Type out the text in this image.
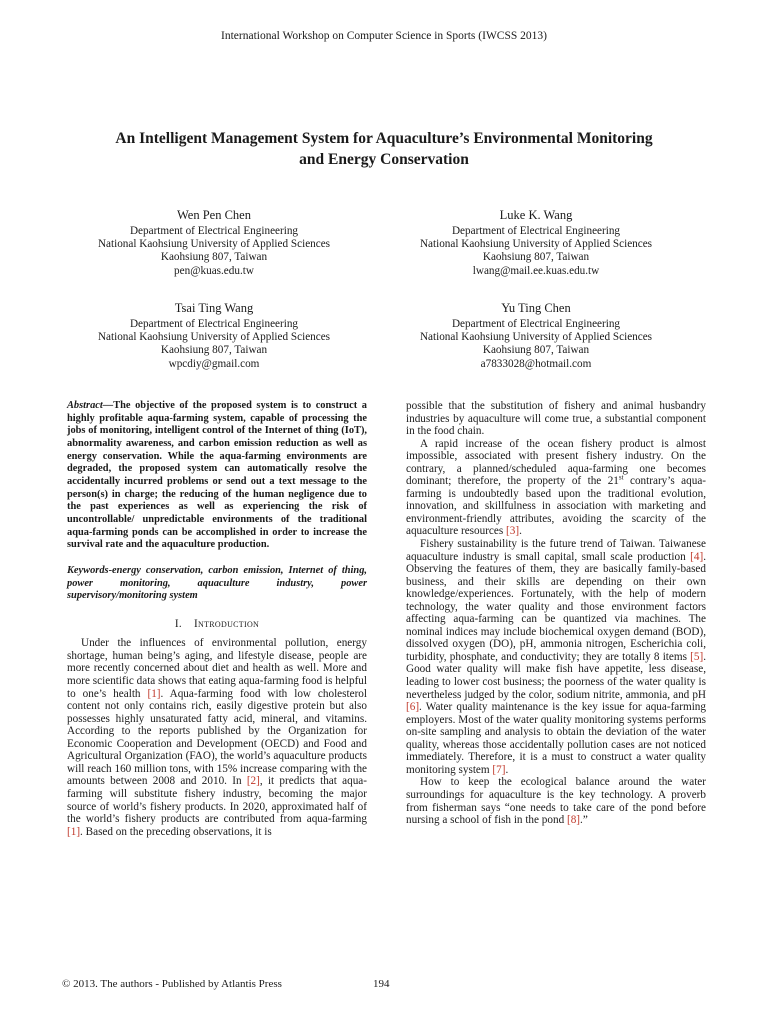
International Workshop on Computer Science in Sports (IWCSS 2013)
An Intelligent Management System for Aquaculture’s Environmental Monitoring
and Energy Conservation
Wen Pen Chen
Department of Electrical Engineering
National Kaohsiung University of Applied Sciences
Kaohsiung 807, Taiwan
pen@kuas.edu.tw
Luke K. Wang
Department of Electrical Engineering
National Kaohsiung University of Applied Sciences
Kaohsiung 807, Taiwan
lwang@mail.ee.kuas.edu.tw
Tsai Ting Wang
Department of Electrical Engineering
National Kaohsiung University of Applied Sciences
Kaohsiung 807, Taiwan
wpcdiy@gmail.com
Yu Ting Chen
Department of Electrical Engineering
National Kaohsiung University of Applied Sciences
Kaohsiung 807, Taiwan
a7833028@hotmail.com

Abstract—The objective of the proposed system is to construct a highly profitable aqua-farming system, capable of processing the jobs of monitoring, intelligent control of the Internet of thing (IoT), abnormality awareness, and carbon emission reduction as well as energy conservation. While the aqua-farming environments are degraded, the proposed system can automatically resolve the accidentally incurred problems or send out a text message to the person(s) in charge; the reducing of the human negligence due to the past experiences as well as experiencing the risk of uncontrollable/ unpredictable environments of the traditional aqua-farming ponds can be accomplished in order to increase the survival rate and the aquaculture production.

Keywords-energy conservation, carbon emission, Internet of thing, power monitoring, aquaculture industry, power supervisory/monitoring system

I. Introduction

Under the influences of environmental pollution, energy shortage, human being’s aging, and lifestyle disease, people are more recently concerned about diet and health as well. More and more scientific data shows that eating aqua-farming food is helpful to one’s health [1]. Aqua-farming food with low cholesterol content not only contains rich, easily digestive protein but also possesses highly unsaturated fatty acid, mineral, and vitamins. According to the reports published by the Organization for Economic Cooperation and Development (OECD) and Food and Agricultural Organization (FAO), the world’s aquaculture products will reach 160 million tons, with 15% increase comparing with the amounts between 2008 and 2010. In [2], it predicts that aqua-farming will substitute fishery industry, becoming the major source of world’s fishery products. In 2020, approximated half of the world’s fishery products are contributed from aqua-farming [1]. Based on the preceding observations, it is

possible that the substitution of fishery and animal husbandry industries by aquaculture will come true, a substantial component in the food chain.

A rapid increase of the ocean fishery product is almost impossible, associated with present fishery industry. On the contrary, a planned/scheduled aqua-farming one becomes dominant; therefore, the property of the 21st contrary’s aqua-farming is undoubtedly based upon the traditional evolution, innovation, and skillfulness in association with marketing and environment-friendly attributes, avoiding the scarcity of the aquaculture resources [3].

Fishery sustainability is the future trend of Taiwan. Taiwanese aquaculture industry is small capital, small scale production [4]. Observing the features of them, they are basically family-based business, and their skills are depending on their own knowledge/experiences. Fortunately, with the help of modern technology, the water quality and those environment factors affecting aqua-farming can be quantized via machines. The nominal indices may include biochemical oxygen demand (BOD), dissolved oxygen (DO), pH, ammonia nitrogen, Escherichia coli, turbidity, phosphate, and conductivity; they are totally 8 items [5]. Good water quality will make fish have appetite, less disease, leading to lower cost business; the poorness of the water quality is nevertheless judged by the color, sodium nitrite, ammonia, and pH [6]. Water quality maintenance is the key issue for aqua-farming employers. Most of the water quality monitoring systems performs on-site sampling and analysis to obtain the deviation of the water quality, whereas those accidentally pollution cases are not noticed immediately. Therefore, it is a must to construct a water quality monitoring system [7].

How to keep the ecological balance around the water surroundings for aquaculture is the key technology. A proverb from fisherman says “one needs to take care of the pond before nursing a school of fish in the pond [8].”

© 2013. The authors - Published by Atlantis Press	194
